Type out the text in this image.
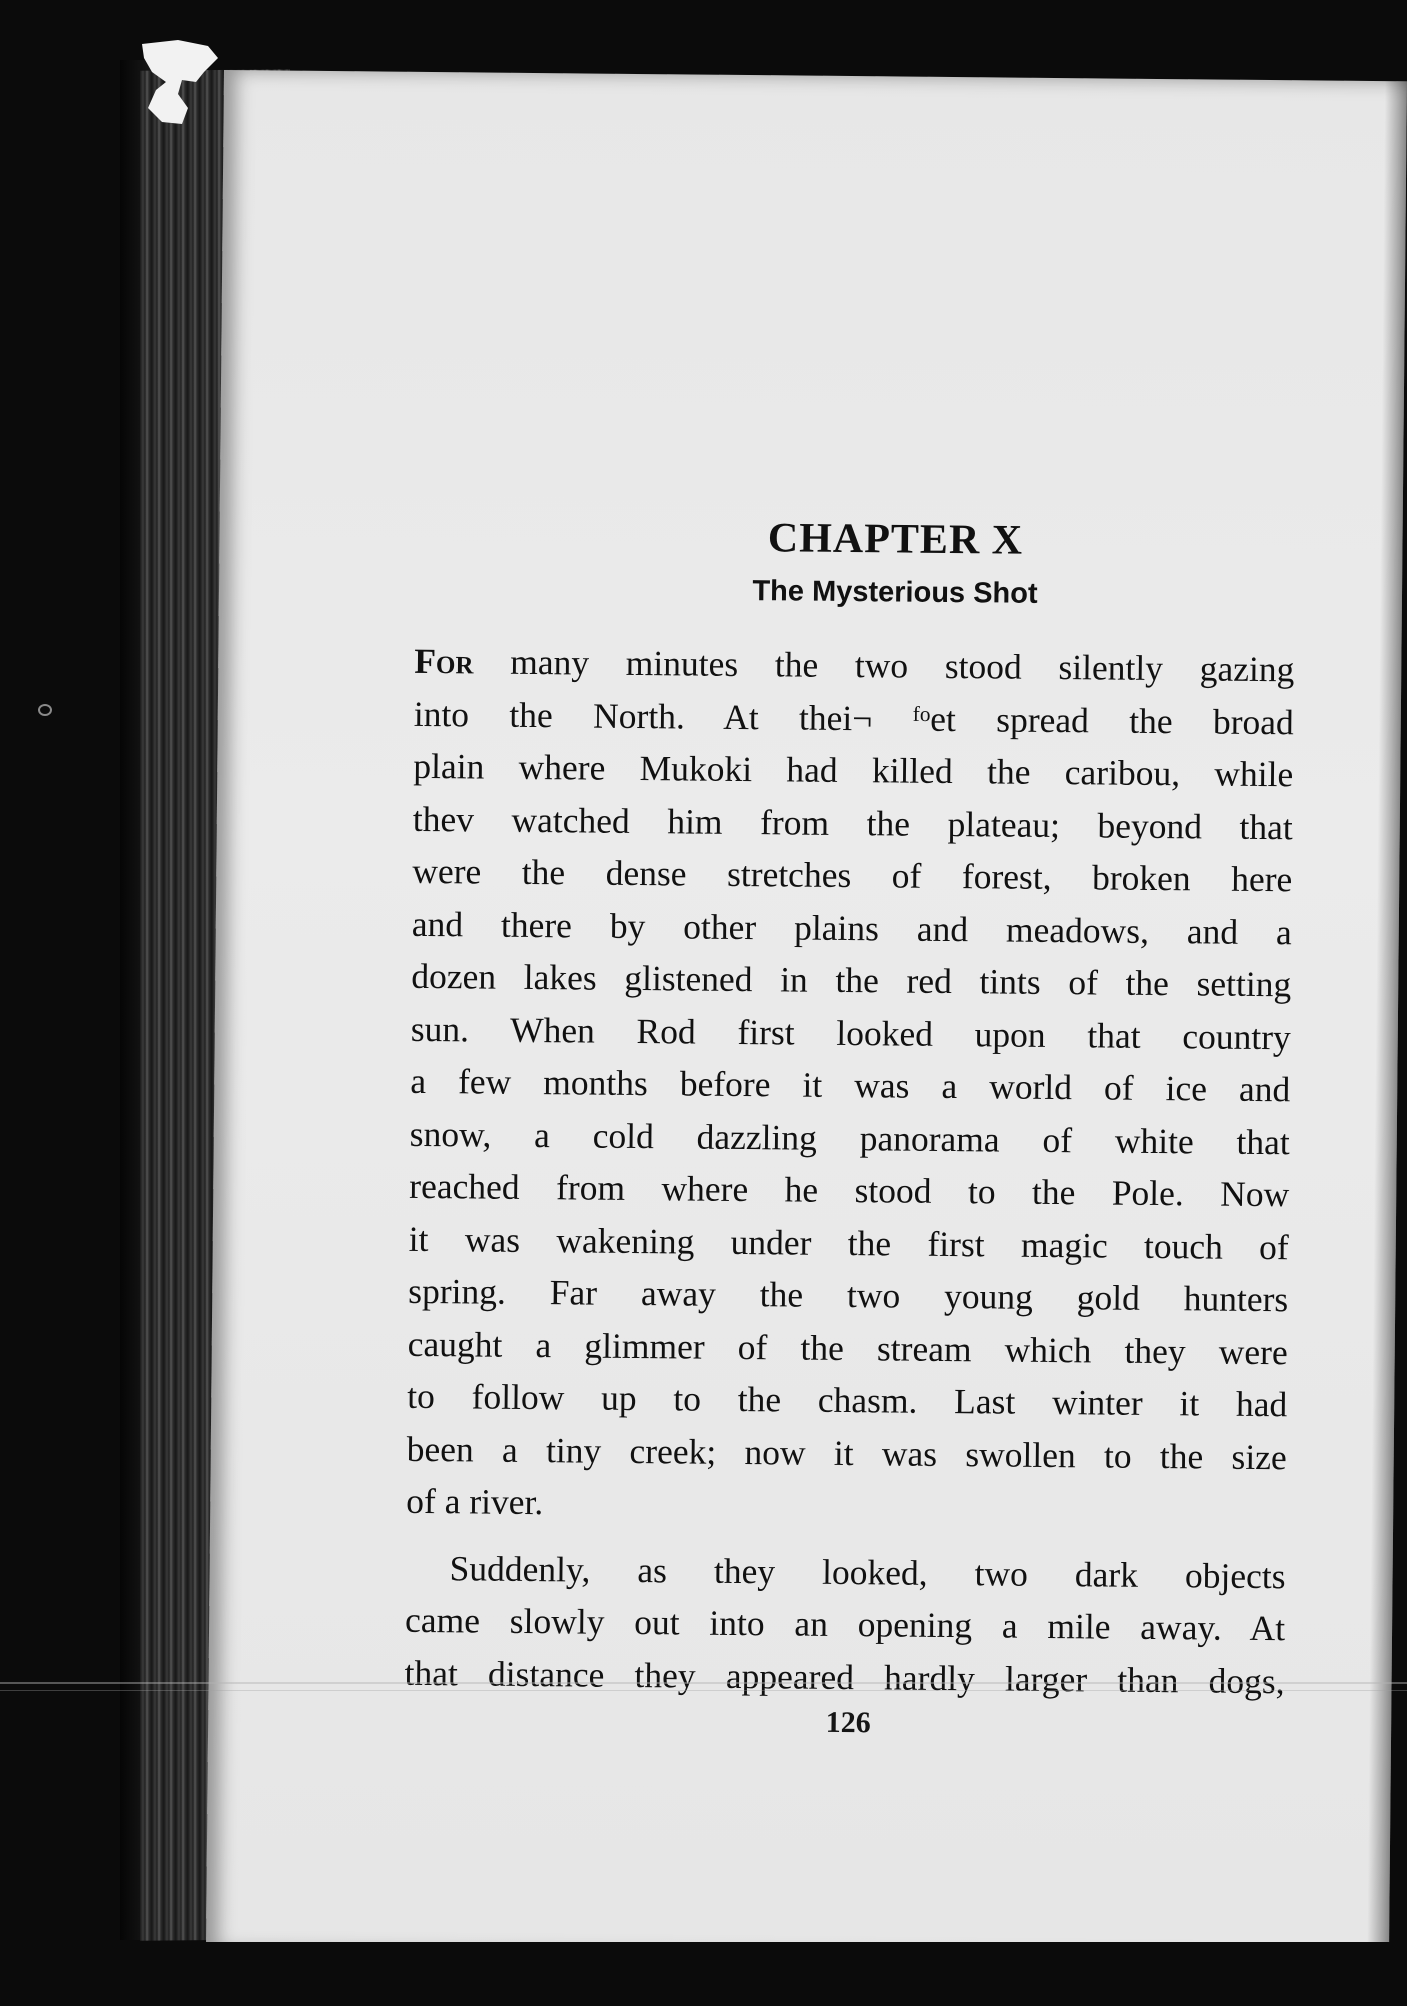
CHAPTER X
The Mysterious Shot
For many minutes the two stood silently gazing
into the North. At thei¬ ᶠᵒet spread the broad
plain where Mukoki had killed the caribou, while
thev watched him from the plateau; beyond that
were the dense stretches of forest, broken here
and there by other plains and meadows, and a
dozen lakes glistened in the red tints of the setting
sun. When Rod first looked upon that country
a few months before it was a world of ice and
snow, a cold dazzling panorama of white that
reached from where he stood to the Pole. Now
it was wakening under the first magic touch of
spring. Far away the two young gold hunters
caught a glimmer of the stream which they were
to follow up to the chasm. Last winter it had
been a tiny creek; now it was swollen to the size
of a river.
Suddenly, as they looked, two dark objects
came slowly out into an opening a mile away. At
that distance they appeared hardly larger than dogs,
126
